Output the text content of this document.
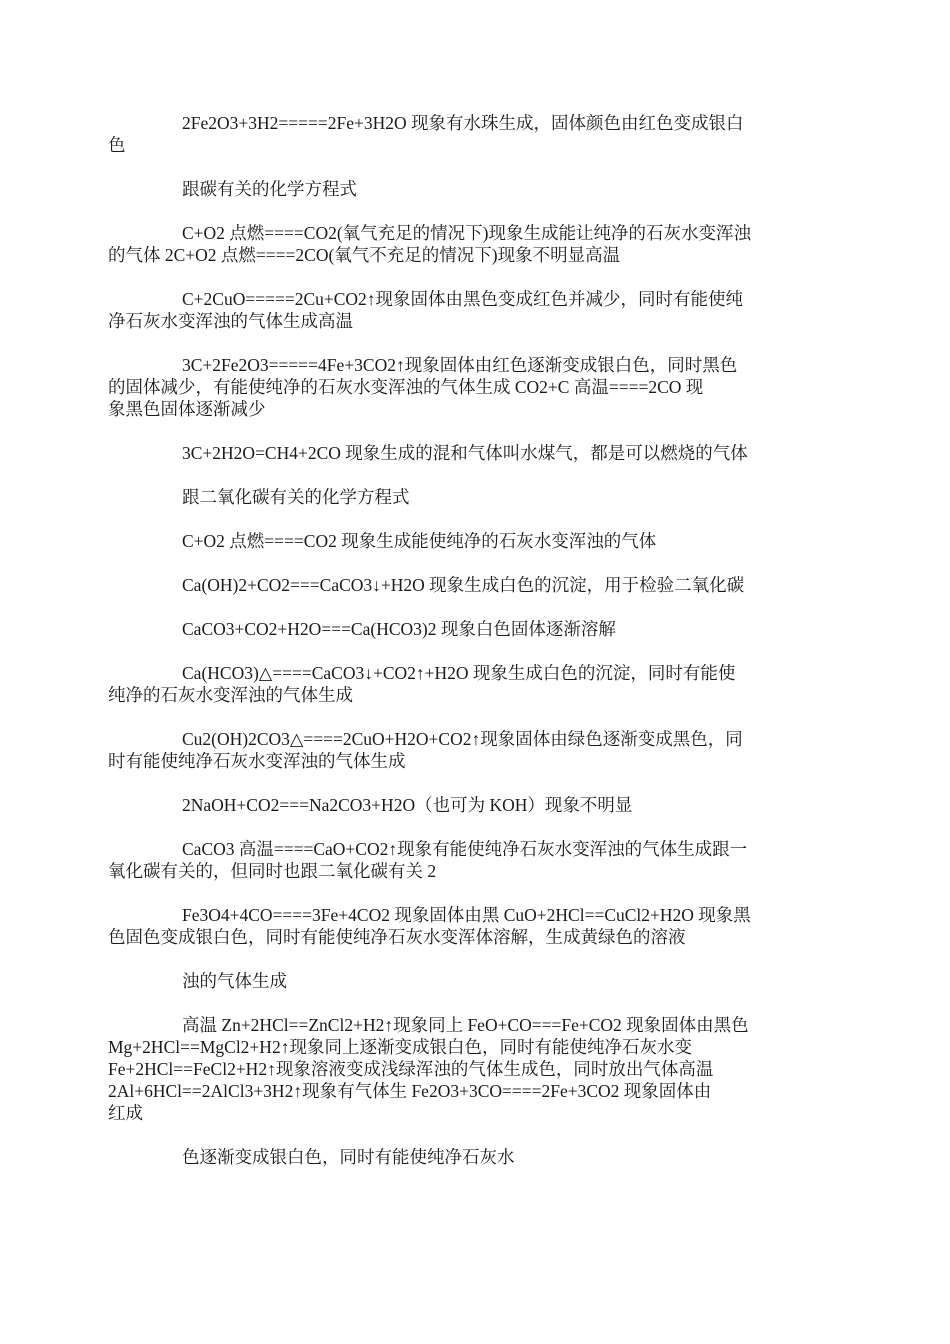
2Fe2O3+3H2=====2Fe+3H2O 现象有水珠生成，固体颜色由红色变成银白
色

跟碳有关的化学方程式

C+O2 点燃====CO2(氧气充足的情况下)现象生成能让纯净的石灰水变浑浊
的气体 2C+O2 点燃====2CO(氧气不充足的情况下)现象不明显高温

C+2CuO=====2Cu+CO2↑现象固体由黑色变成红色并减少，同时有能使纯
净石灰水变浑浊的气体生成高温

3C+2Fe2O3=====4Fe+3CO2↑现象固体由红色逐渐变成银白色，同时黑色
的固体减少，有能使纯净的石灰水变浑浊的气体生成 CO2+C 高温====2CO 现
象黑色固体逐渐减少

3C+2H2O=CH4+2CO 现象生成的混和气体叫水煤气，都是可以燃烧的气体

跟二氧化碳有关的化学方程式

C+O2 点燃====CO2 现象生成能使纯净的石灰水变浑浊的气体

Ca(OH)2+CO2===CaCO3↓+H2O 现象生成白色的沉淀，用于检验二氧化碳

CaCO3+CO2+H2O===Ca(HCO3)2 现象白色固体逐渐溶解

Ca(HCO3)△====CaCO3↓+CO2↑+H2O 现象生成白色的沉淀，同时有能使
纯净的石灰水变浑浊的气体生成

Cu2(OH)2CO3△====2CuO+H2O+CO2↑现象固体由绿色逐渐变成黑色，同
时有能使纯净石灰水变浑浊的气体生成

2NaOH+CO2===Na2CO3+H2O（也可为 KOH）现象不明显

CaCO3 高温====CaO+CO2↑现象有能使纯净石灰水变浑浊的气体生成跟一
氧化碳有关的，但同时也跟二氧化碳有关 2

Fe3O4+4CO====3Fe+4CO2 现象固体由黑 CuO+2HCl==CuCl2+H2O 现象黑
色固色变成银白色，同时有能使纯净石灰水变浑体溶解，生成黄绿色的溶液

浊的气体生成

高温 Zn+2HCl==ZnCl2+H2↑现象同上 FeO+CO===Fe+CO2 现象固体由黑色
Mg+2HCl==MgCl2+H2↑现象同上逐渐变成银白色，同时有能使纯净石灰水变
Fe+2HCl==FeCl2+H2↑现象溶液变成浅绿浑浊的气体生成色，同时放出气体高温
2Al+6HCl==2AlCl3+3H2↑现象有气体生 Fe2O3+3CO====2Fe+3CO2 现象固体由
红成

色逐渐变成银白色，同时有能使纯净石灰水
